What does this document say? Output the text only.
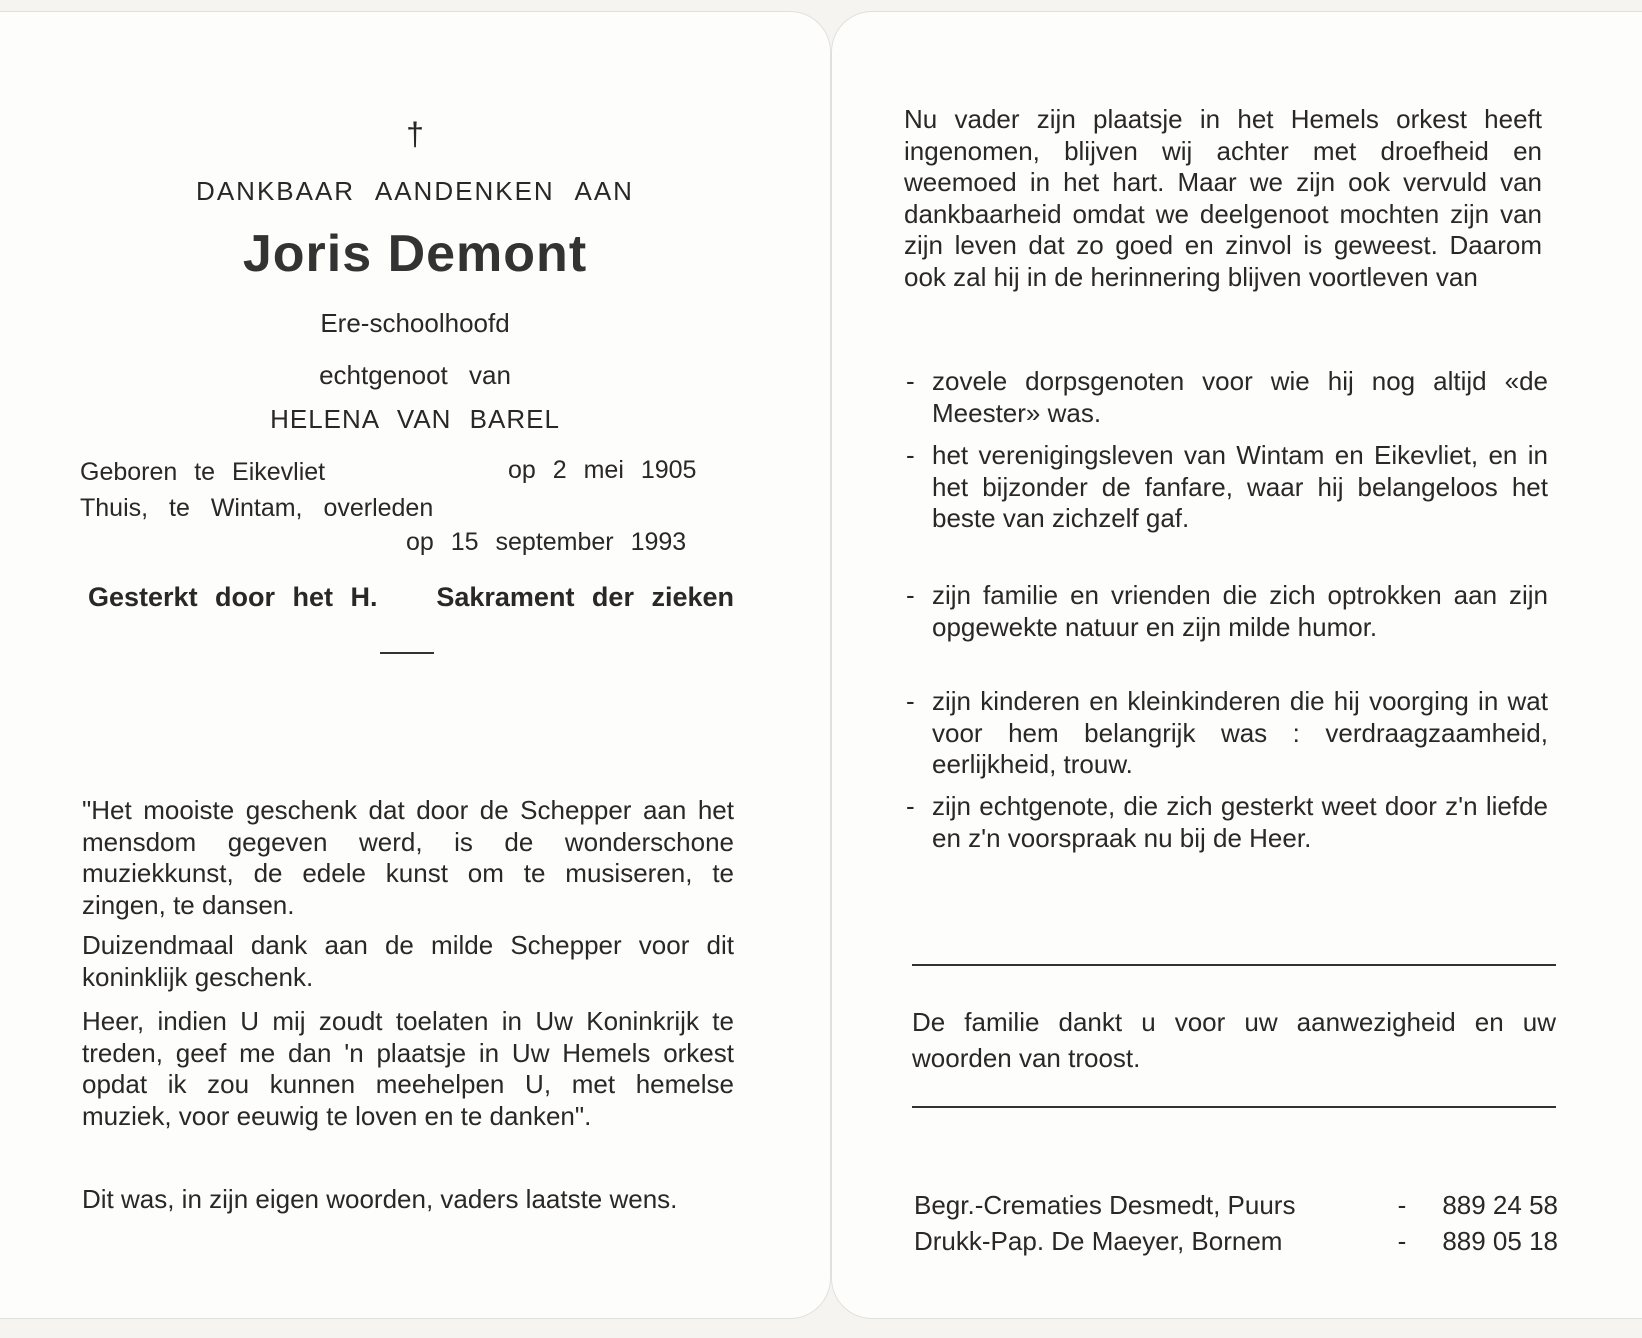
†
DANKBAAR AANDENKEN AAN
Joris Demont
Ere-schoolhoofd
echtgenoot van
HELENA VAN BAREL
Geboren te Eikevliet	op 2 mei 1905
Thuis, te Wintam, overleden
op 15 september 1993
Gesterkt door het H. Sakrament der zieken
"Het mooiste geschenk dat door de Schepper aan het mensdom gegeven werd, is de wonderschone muziekkunst, de edele kunst om te musiseren, te zingen, te dansen.
Duizendmaal dank aan de milde Schepper voor dit koninklijk geschenk.
Heer, indien U mij zoudt toelaten in Uw Koninkrijk te treden, geef me dan 'n plaatsje in Uw Hemels orkest opdat ik zou kunnen meehelpen U, met hemelse muziek, voor eeuwig te loven en te danken".
Dit was, in zijn eigen woorden, vaders laatste wens.
Nu vader zijn plaatsje in het Hemels orkest heeft ingenomen, blijven wij achter met droefheid en weemoed in het hart. Maar we zijn ook vervuld van dankbaarheid omdat we deelgenoot mochten zijn van zijn leven dat zo goed en zinvol is geweest. Daarom ook zal hij in de herinnering blijven voortleven van
- zovele dorpsgenoten voor wie hij nog altijd «de Meester» was.
- het verenigingsleven van Wintam en Eikevliet, en in het bijzonder de fanfare, waar hij belangeloos het beste van zichzelf gaf.
- zijn familie en vrienden die zich optrokken aan zijn opgewekte natuur en zijn milde humor.
- zijn kinderen en kleinkinderen die hij voorging in wat voor hem belangrijk was : verdraagzaamheid, eerlijkheid, trouw.
- zijn echtgenote, die zich gesterkt weet door z'n liefde en z'n voorspraak nu bij de Heer.
De familie dankt u voor uw aanwezigheid en uw woorden van troost.
Begr.-Crematies Desmedt, Puurs	- 889 24 58
Drukk-Pap. De Maeyer, Bornem	- 889 05 18
